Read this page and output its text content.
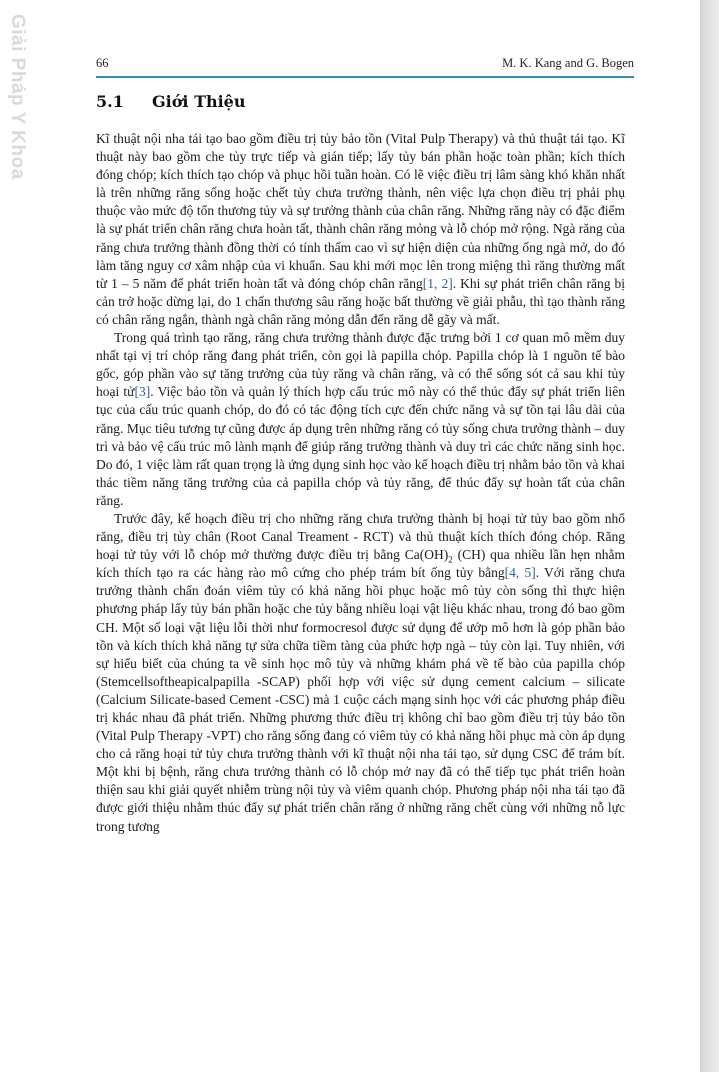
Giải Pháp Y Khoa	66	M. K. Kang and G. Bogen
5.1 Giới Thiệu

Kĩ thuật nội nha tái tạo bao gồm điều trị tủy bảo tồn (Vital Pulp Therapy) và thủ thuật tái tạo. Kĩ thuật này bao gồm che tủy trực tiếp và gián tiếp; lấy tủy bán phần hoặc toàn phần; kích thích đóng chóp; kích thích tạo chóp và phục hồi tuần hoàn. Có lẽ việc điều trị lâm sàng khó khăn nhất là trên những răng sống hoặc chết tủy chưa trưởng thành, nên việc lựa chọn điều trị phải phụ thuộc vào mức độ tổn thương tủy và sự trưởng thành của chân răng. Những răng này có đặc điểm là sự phát triển chân răng chưa hoàn tất, thành chân răng mỏng và lỗ chóp mở rộng. Ngà răng của răng chưa trưởng thành đồng thời có tính thấm cao vì sự hiện diện của những ống ngà mở, do đó làm tăng nguy cơ xâm nhập của vi khuẩn. Sau khi mới mọc lên trong miệng thì răng thường mất từ 1 – 5 năm để phát triển hoàn tất và đóng chóp chân răng[1, 2]. Khi sự phát triển chân răng bị cản trở hoặc dừng lại, do 1 chấn thương sâu răng hoặc bất thường về giải phẫu, thì tạo thành răng có chân răng ngắn, thành ngà chân răng mỏng dẫn đến răng dễ gãy và mất.

Trong quá trình tạo răng, răng chưa trưởng thành được đặc trưng bởi 1 cơ quan mô mềm duy nhất tại vị trí chóp răng đang phát triển, còn gọi là papilla chóp. Papilla chóp là 1 nguồn tế bào gốc, góp phần vào sự tăng trưởng của tủy răng và chân răng, và có thể sống sót cả sau khi tủy hoại tử[3]. Việc bảo tồn và quản lý thích hợp cấu trúc mô này có thể thúc đẩy sự phát triển liên tục của cấu trúc quanh chóp, do đó có tác động tích cực đến chức năng và sự tồn tại lâu dài của răng. Mục tiêu tương tự cũng được áp dụng trên những răng có tủy sống chưa trưởng thành – duy trì và bảo vệ cấu trúc mô lành mạnh để giúp răng trưởng thành và duy trì các chức năng sinh học. Do đó, 1 việc làm rất quan trọng là ứng dụng sinh học vào kế hoạch điều trị nhằm bảo tồn và khai thác tiềm năng tăng trưởng của cả papilla chóp và tủy răng, để thúc đẩy sự hoàn tất của chân răng.

Trước đây, kế hoạch điều trị cho những răng chưa trưởng thành bị hoại tử tủy bao gồm nhổ răng, điều trị tủy chân (Root Canal Treament - RCT) và thủ thuật kích thích đóng chóp. Răng hoại tử tủy với lỗ chóp mở thường được điều trị bằng $Ca(OH)_2$ (CH) qua nhiều lần hẹn nhằm kích thích tạo ra các hàng rào mô cứng cho phép trám bít ống tủy bằng[4, 5]. Với răng chưa trưởng thành chẩn đoán viêm tủy có khả năng hồi phục hoặc mô tủy còn sống thì thực hiện phương pháp lấy tủy bán phần hoặc che tủy bằng nhiều loại vật liệu khác nhau, trong đó bao gồm CH. Một số loại vật liệu lỗi thời như formocresol được sử dụng để ướp mô hơn là góp phần bảo tồn và kích thích khả năng tự sửa chữa tiềm tàng của phức hợp ngà – tủy còn lại. Tuy nhiên, với sự hiểu biết của chúng ta về sinh học mô tủy và những khám phá về tế bào của papilla chóp (Stemcellsoftheapicalpapilla -SCAP) phối hợp với việc sử dụng cement calcium – silicate (Calcium Silicate-based Cement -CSC) mà 1 cuộc cách mạng sinh học với các phương pháp điều trị khác nhau đã phát triển. Những phương thức điều trị không chỉ bao gồm điều trị tủy bảo tồn (Vital Pulp Therapy -VPT) cho răng sống đang có viêm tủy có khả năng hồi phục mà còn áp dụng cho cả răng hoại tử tủy chưa trưởng thành với kĩ thuật nội nha tái tạo, sử dụng CSC để trám bít. Một khi bị bệnh, răng chưa trưởng thành có lỗ chóp mở nay đã có thể tiếp tục phát triển hoàn thiện sau khi giải quyết nhiễm trùng nội tủy và viêm quanh chóp. Phương pháp nội nha tái tạo đã được giới thiệu nhằm thúc đẩy sự phát triển chân răng ở những răng chết cùng với những nỗ lực trong tương
